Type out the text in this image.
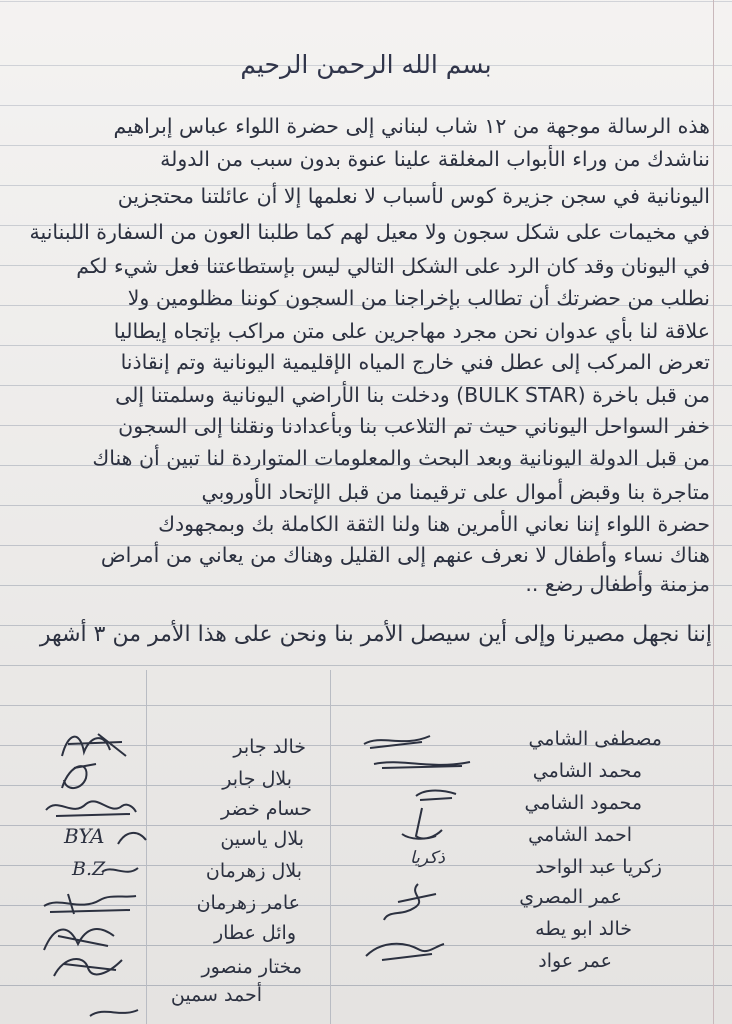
بسم الله الرحمن الرحيم
هذه الرسالة موجهة من ١٢ شاب لبناني إلى حضرة اللواء عباس إبراهيم
نناشدك من وراء الأبواب المغلقة علينا عنوة بدون سبب من الدولة
اليونانية في سجن جزيرة كوس لأسباب لا نعلمها إلا أن عائلتنا محتجزين
في مخيمات على شكل سجون ولا معيل لهم كما طلبنا العون من السفارة اللبنانية
في اليونان وقد كان الرد على الشكل التالي ليس بإستطاعتنا فعل شيء لكم
نطلب من حضرتك أن تطالب بإخراجنا من السجون كوننا مظلومين ولا
علاقة لنا بأي عدوان نحن مجرد مهاجرين على متن مراكب بإتجاه إيطاليا
تعرض المركب إلى عطل فني خارج المياه الإقليمية اليونانية وتم إنقاذنا
من قبل باخرة (BULK STAR) ودخلت بنا الأراضي اليونانية وسلمتنا إلى
خفر السواحل اليوناني حيث تم التلاعب بنا وبأعدادنا ونقلنا إلى السجون
من قبل الدولة اليونانية وبعد البحث والمعلومات المتواردة لنا تبين أن هناك
متاجرة بنا وقبض أموال على ترقيمنا من قبل الإتحاد الأوروبي
حضرة اللواء إننا نعاني الأمرين هنا ولنا الثقة الكاملة بك وبمجهودك
هناك نساء وأطفال لا نعرف عنهم إلى القليل وهناك من يعاني من أمراض
مزمنة وأطفال رضع ..
إننا نجهل مصيرنا وإلى أين سيصل الأمر بنا ونحن على هذا الأمر من ٣ أشهر
مصطفى الشامي
محمد الشامي
محمود الشامي
احمد الشامي
زكريا عبد الواحد
عمر المصري
خالد ابو يطه
عمر عواد
ذكريا
خالد جابر
بلال جابر
حسام خضر
بلال ياسين
بلال زهرمان
عامر زهرمان
وائل عطار
مختار منصور
أحمد سمين
BYA
B.Z
